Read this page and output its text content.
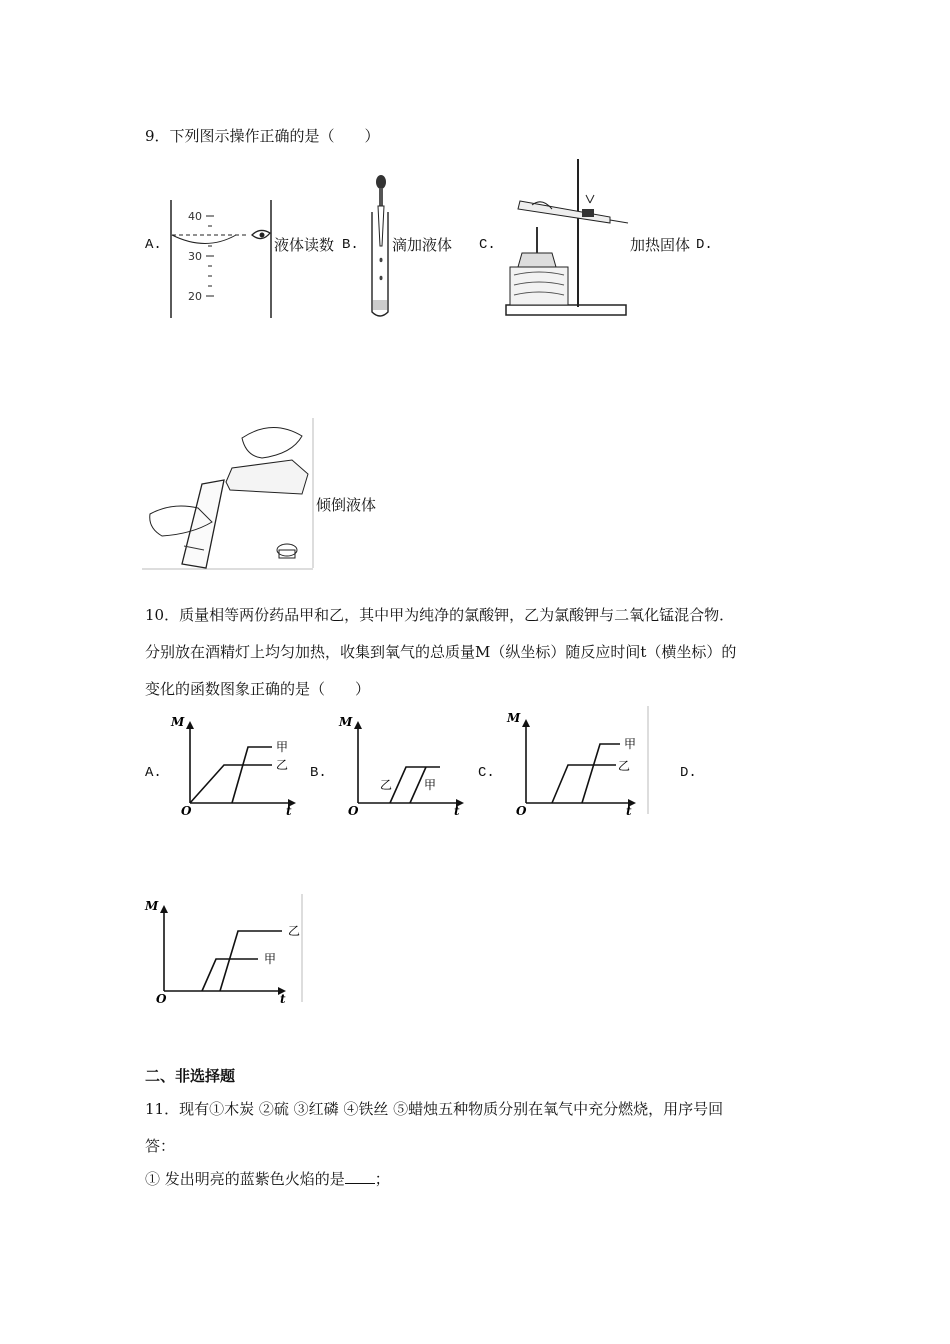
9．下列图示操作正确的是（　　）
A.
40
30
20
液体读数 B. 滴加液体 C.	加热固体 D.
倾倒液体
10．质量相等两份药品甲和乙，其中甲为纯净的氯酸钾，乙为氯酸钾与二氧化锰混合物．
分别放在酒精灯上均匀加热，收集到氧气的总质量M（纵坐标）随反应时间t（横坐标）的
变化的函数图象正确的是（　　）
A.	B.	C.	D.
M
t
O
甲
乙
M
t
O
乙	甲
M
t
O
甲
乙
M
t
O
乙
甲
二、非选择题
11．现有①木炭 ②硫 ③红磷 ④铁丝 ⑤蜡烛五种物质分别在氧气中充分燃烧，用序号回
答：
① 发出明亮的蓝紫色火焰的是 ；
